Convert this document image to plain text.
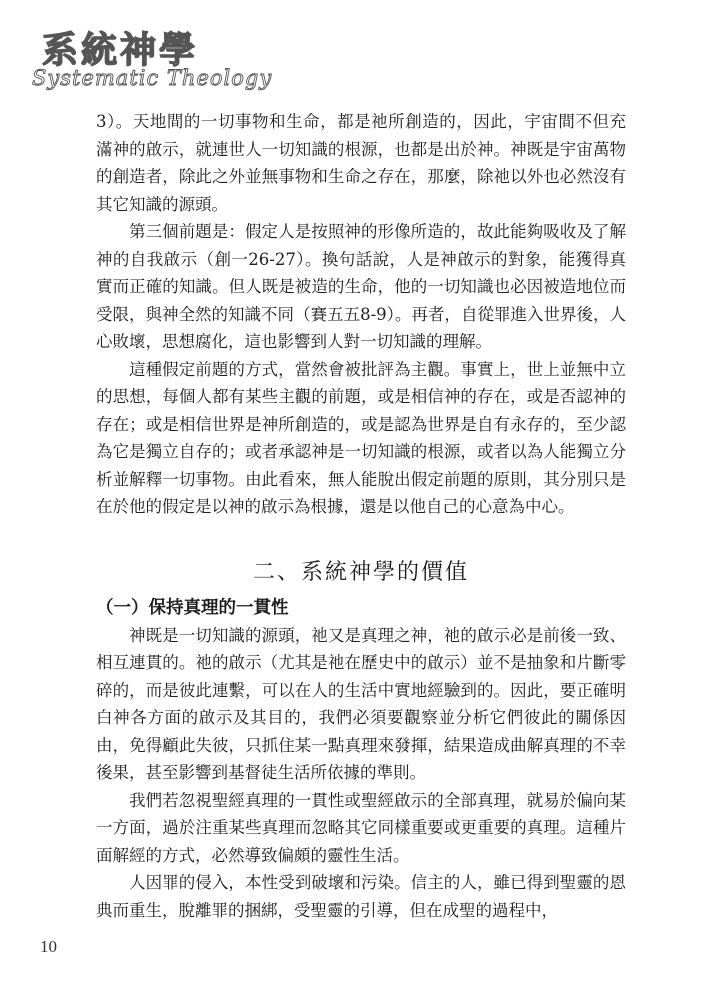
系統神學
Systematic Theology

3）。天地間的一切事物和生命，都是祂所創造的，因此，宇宙間不但充滿神的啟示，就連世人一切知識的根源，也都是出於神。神既是宇宙萬物的創造者，除此之外並無事物和生命之存在，那麼，除祂以外也必然沒有其它知識的源頭。

第三個前題是：假定人是按照神的形像所造的，故此能夠吸收及了解神的自我啟示（創一26-27）。換句話說，人是神啟示的對象，能獲得真實而正確的知識。但人既是被造的生命，他的一切知識也必因被造地位而受限，與神全然的知識不同（賽五五8-9）。再者，自從罪進入世界後，人心敗壞，思想腐化，這也影響到人對一切知識的理解。

這種假定前題的方式，當然會被批評為主觀。事實上，世上並無中立的思想，每個人都有某些主觀的前題，或是相信神的存在，或是否認神的存在；或是相信世界是神所創造的，或是認為世界是自有永存的，至少認為它是獨立自存的；或者承認神是一切知識的根源，或者以為人能獨立分析並解釋一切事物。由此看來，無人能脫出假定前題的原則，其分別只是在於他的假定是以神的啟示為根據，還是以他自己的心意為中心。

二、系統神學的價值
（一）保持真理的一貫性

神既是一切知識的源頭，祂又是真理之神，祂的啟示必是前後一致、相互連貫的。祂的啟示（尤其是祂在歷史中的啟示）並不是抽象和片斷零碎的，而是彼此連繫，可以在人的生活中實地經驗到的。因此，要正確明白神各方面的啟示及其目的，我們必須要觀察並分析它們彼此的關係因由，免得顧此失彼，只抓住某一點真理來發揮，結果造成曲解真理的不幸後果，甚至影響到基督徒生活所依據的準則。

我們若忽視聖經真理的一貫性或聖經啟示的全部真理，就易於偏向某一方面，過於注重某些真理而忽略其它同樣重要或更重要的真理。這種片面解經的方式，必然導致偏頗的靈性生活。

人因罪的侵入，本性受到破壞和污染。信主的人，雖已得到聖靈的恩典而重生，脫離罪的捆綁，受聖靈的引導，但在成聖的過程中，

10
